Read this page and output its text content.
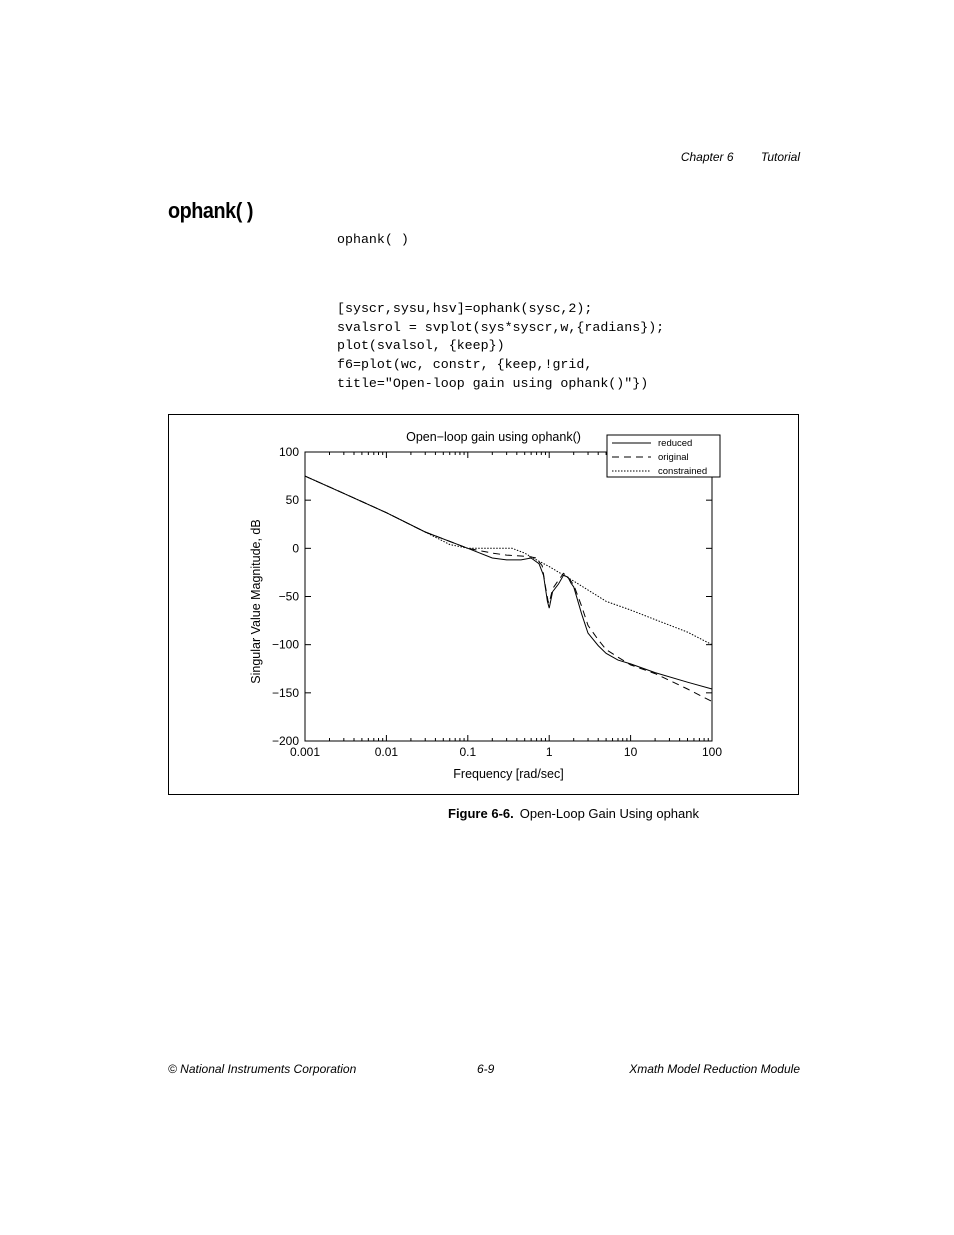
Chapter 6 Tutorial
ophank( )
ophank( )
[syscr,sysu,hsv]=ophank(sysc,2);
svalsrol = svplot(sys*syscr,w,{radians});
plot(svalsol, {keep})
f6=plot(wc, constr, {keep,!grid,
title="Open-loop gain using ophank()"})
0.001	0.01	0.1	1	10	100
100
50
0
−50
−100
−150
−200
Open−loop gain using ophank()
Frequency [rad/sec]
Singular Value Magnitude, dB
reduced
original
constrained
Figure 6-6. Open-Loop Gain Using ophank
© National Instruments Corporation	6-9	Xmath Model Reduction Module
